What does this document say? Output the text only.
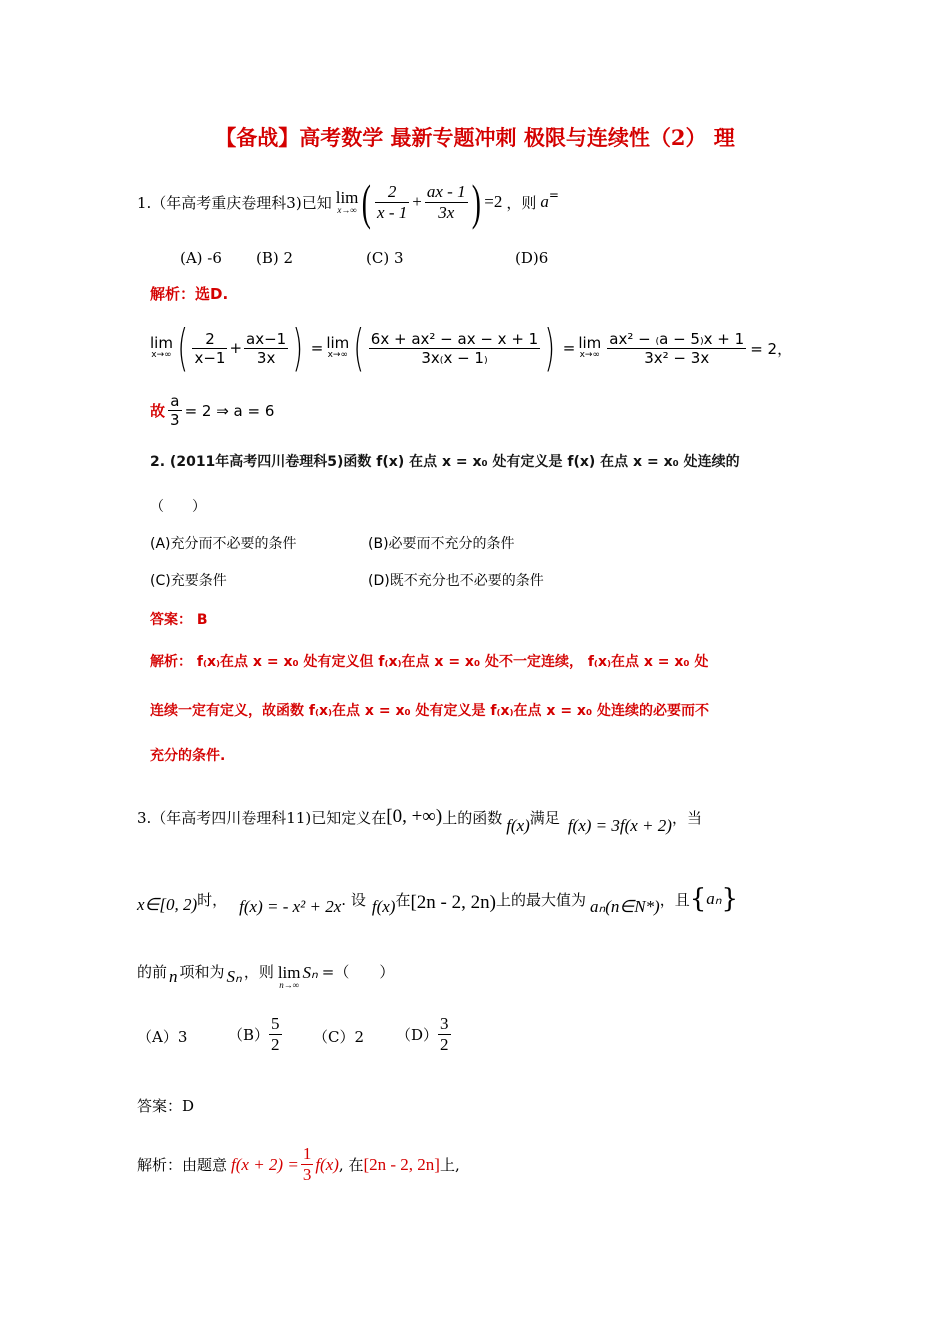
【备战】高考数学 最新专题冲刺 极限与连续性（2） 理
1.（年高考重庆卷理科3)已知 lim
x→∞ ( $\frac{2}{x - 1} + \frac{ax - 1}{3x}$ ) =2 ，则 a =
(A) -6 (B) 2	(C) 3	(D)6
解析：选D.
lim
x→∞ ( $\frac{2}{x-1} + \frac{ax-1}{3x}$ ) = lim
x→∞ ( $\frac{\text{6x + ax² − ax − x + 1}}{3x_(x - 1_)}$ ) = lim
$x\to\infty \frac{\text{ax² − ₍a − 5₎x + 1}}{\text{3x² − 3x}} = 2$，
故 $\frac{a}{3} = 2$ ⇒ a = 6
2. (2011年高考四川卷理科5)函数 f(x) 在点 x = x₀ 处有定义是 f(x) 在点 x = x₀ 处连续的
（　　）
(A)充分而不必要的条件	(B)必要而不充分的条件
(C)充要条件	(D)既不充分也不必要的条件
答案： B
解析： f₍x₎在点 x = x₀ 处有定义但 f₍x₎在点 x = x₀ 处不一定连续， f₍x₎在点 x = x₀ 处
连续一定有定义，故函数 f₍x₎在点 x = x₀ 处有定义是 f₍x₎在点 x = x₀ 处连续的必要而不
充分的条件.
3.（年高考四川卷理科11)已知定义在 [0, +∞) 上的函数 f(x) 满足 f(x) = 3f(x + 2) ，当
x∈[0, 2) 时， f(x) = - x² + 2x . 设 f(x) 在 [2n - 2, 2n) 上的最大值为 aₙ(n∈N*) ，且 { aₙ }
的前 n 项和为 Sₙ ，则 lim
n→∞
Sₙ =（　　）
（A）3	$(B) \frac{5}{2} (C)2$ $(D) \frac{3}{2}$
答案：D
解析：由题意 $f(x + 2) = \frac{1}{3} f(x)$ , 在 [2n - 2, 2n] 上,
